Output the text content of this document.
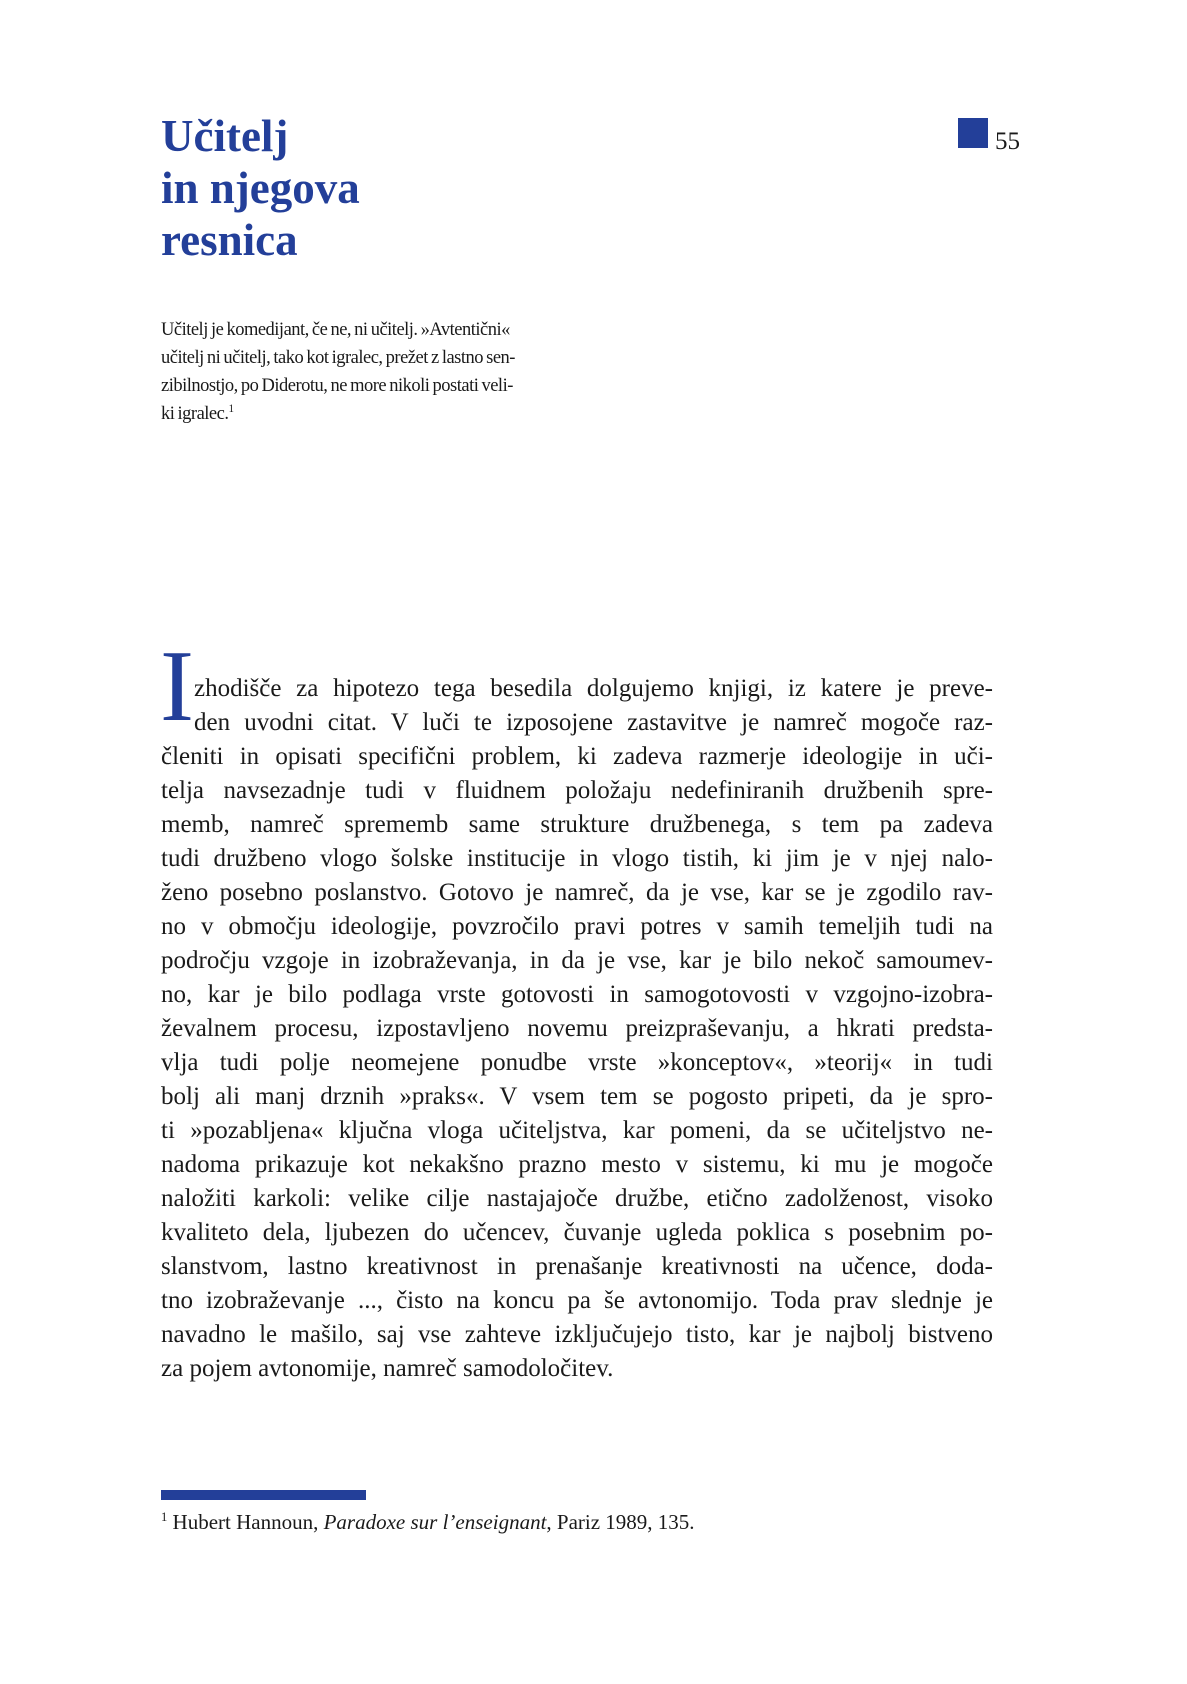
55
Učitelj
in njegova
resnica
Učitelj je komedijant, če ne, ni učitelj. »Avtentični«
učitelj ni učitelj, tako kot igralec, prežet z lastno sen-
zibilnostjo, po Diderotu, ne more nikoli postati veli-
ki igralec.$^1$
I zhodišče za hipotezo tega besedila dolgujemo knjigi, iz katere je preve-
den uvodni citat. V luči te izposojene zastavitve je namreč mogoče raz-
členiti in opisati specifični problem, ki zadeva razmerje ideologije in uči-
telja navsezadnje tudi v fluidnem položaju nedefiniranih družbenih spre-
memb, namreč sprememb same strukture družbenega, s tem pa zadeva
tudi družbeno vlogo šolske institucije in vlogo tistih, ki jim je v njej nalo-
ženo posebno poslanstvo. Gotovo je namreč, da je vse, kar se je zgodilo rav-
no v območju ideologije, povzročilo pravi potres v samih temeljih tudi na
področju vzgoje in izobraževanja, in da je vse, kar je bilo nekoč samoumev-
no, kar je bilo podlaga vrste gotovosti in samogotovosti v vzgojno-izobra-
ževalnem procesu, izpostavljeno novemu preizpraševanju, a hkrati predsta-
vlja tudi polje neomejene ponudbe vrste »konceptov«, »teorij« in tudi
bolj ali manj drznih »praks«. V vsem tem se pogosto pripeti, da je spro-
ti »pozabljena« ključna vloga učiteljstva, kar pomeni, da se učiteljstvo ne-
nadoma prikazuje kot nekakšno prazno mesto v sistemu, ki mu je mogoče
naložiti karkoli: velike cilje nastajajoče družbe, etično zadolženost, visoko
kvaliteto dela, ljubezen do učencev, čuvanje ugleda poklica s posebnim po-
slanstvom, lastno kreativnost in prenašanje kreativnosti na učence, doda-
tno izobraževanje ..., čisto na koncu pa še avtonomijo. Toda prav slednje je
navadno le mašilo, saj vse zahteve izključujejo tisto, kar je najbolj bistveno
za pojem avtonomije, namreč samodoločitev.
$^1$ Hubert Hannoun, Paradoxe sur l’enseignant, Pariz 1989, 135.
